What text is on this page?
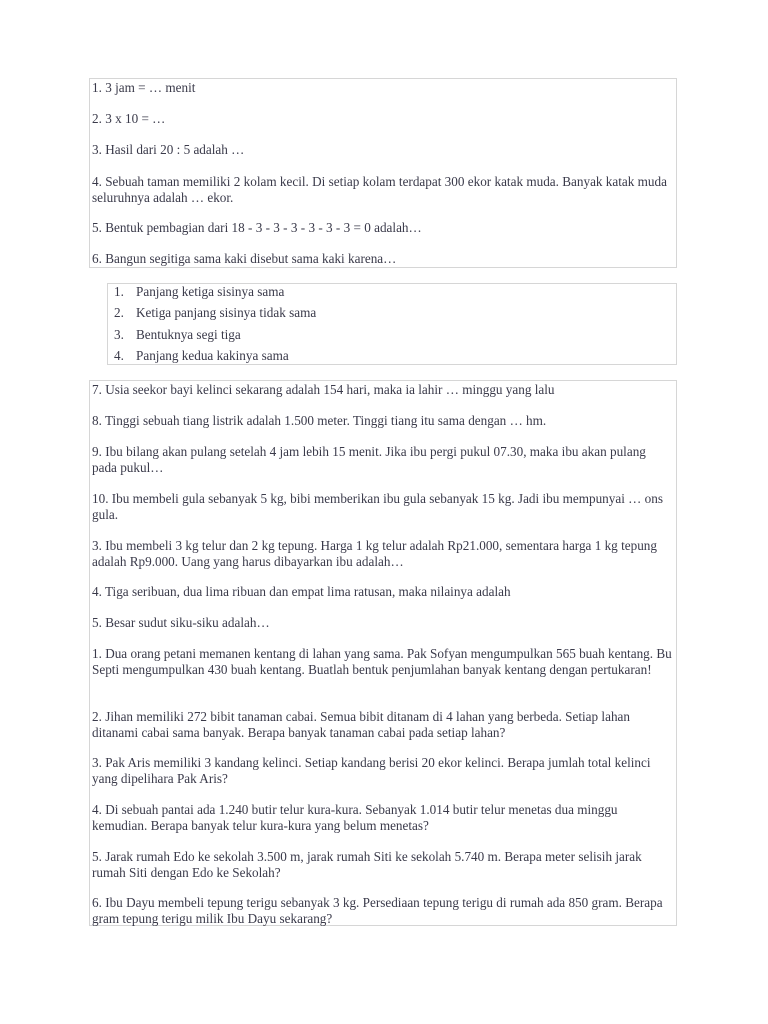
1. 3 jam = … menit

2. 3 x 10 = …

3. Hasil dari 20 : 5 adalah …

4. Sebuah taman memiliki 2 kolam kecil. Di setiap kolam terdapat 300 ekor katak muda. Banyak katak muda seluruhnya adalah … ekor.

5. Bentuk pembagian dari 18 - 3 - 3 - 3 - 3 - 3 - 3 = 0 adalah…

6. Bangun segitiga sama kaki disebut sama kaki karena…

1. Panjang ketiga sisinya sama

2. Ketiga panjang sisinya tidak sama

3. Bentuknya segi tiga

4. Panjang kedua kakinya sama

7. Usia seekor bayi kelinci sekarang adalah 154 hari, maka ia lahir … minggu yang lalu

8. Tinggi sebuah tiang listrik adalah 1.500 meter. Tinggi tiang itu sama dengan … hm.

9. Ibu bilang akan pulang setelah 4 jam lebih 15 menit. Jika ibu pergi pukul 07.30, maka ibu akan pulang pada pukul…

10. Ibu membeli gula sebanyak 5 kg, bibi memberikan ibu gula sebanyak 15 kg. Jadi ibu mempunyai … ons gula.

3. Ibu membeli 3 kg telur dan 2 kg tepung. Harga 1 kg telur adalah Rp21.000, sementara harga 1 kg tepung adalah Rp9.000. Uang yang harus dibayarkan ibu adalah…

4. Tiga seribuan, dua lima ribuan dan empat lima ratusan, maka nilainya adalah

5. Besar sudut siku-siku adalah…

1. Dua orang petani memanen kentang di lahan yang sama. Pak Sofyan mengumpulkan 565 buah kentang. Bu Septi mengumpulkan 430 buah kentang. Buatlah bentuk penjumlahan banyak kentang dengan pertukaran!

2. Jihan memiliki 272 bibit tanaman cabai. Semua bibit ditanam di 4 lahan yang berbeda. Setiap lahan ditanami cabai sama banyak. Berapa banyak tanaman cabai pada setiap lahan?

3. Pak Aris memiliki 3 kandang kelinci. Setiap kandang berisi 20 ekor kelinci. Berapa jumlah total kelinci yang dipelihara Pak Aris?

4. Di sebuah pantai ada 1.240 butir telur kura-kura. Sebanyak 1.014 butir telur menetas dua minggu kemudian. Berapa banyak telur kura-kura yang belum menetas?

5. Jarak rumah Edo ke sekolah 3.500 m, jarak rumah Siti ke sekolah 5.740 m. Berapa meter selisih jarak rumah Siti dengan Edo ke Sekolah?

6. Ibu Dayu membeli tepung terigu sebanyak 3 kg. Persediaan tepung terigu di rumah ada 850 gram. Berapa gram tepung terigu milik Ibu Dayu sekarang?
